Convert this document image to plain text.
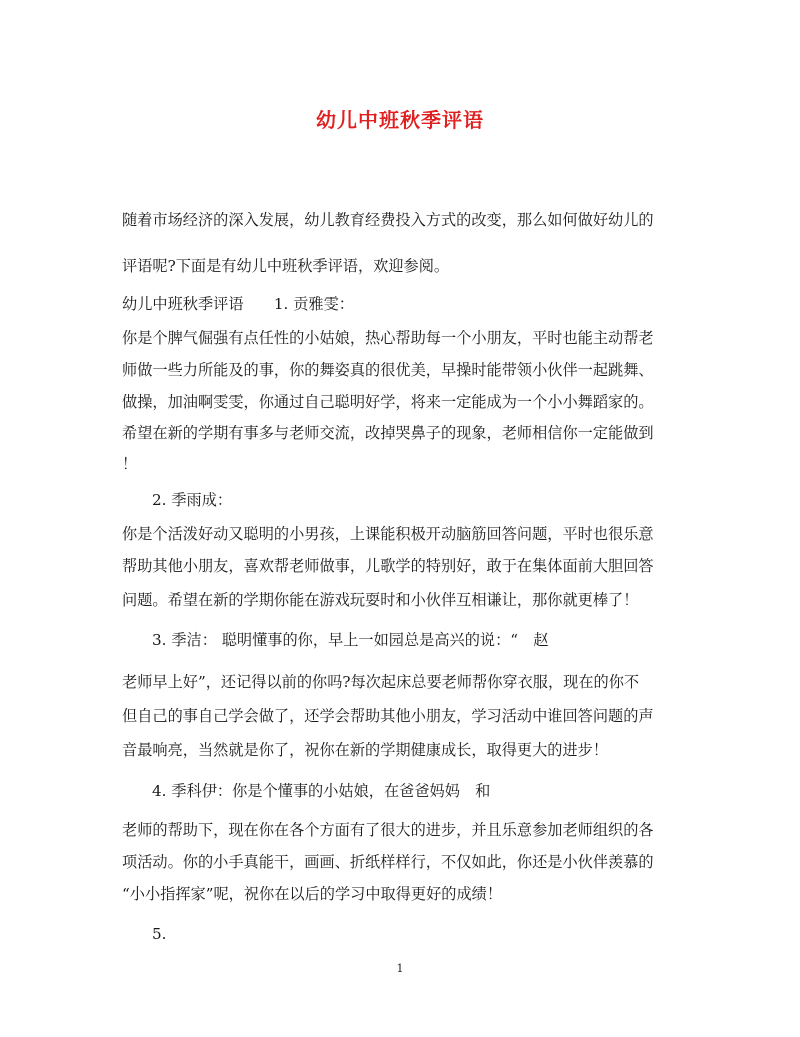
幼儿中班秋季评语
随着市场经济的深入发展，幼儿教育经费投入方式的改变，那么如何做好幼儿的
评语呢?下面是有幼儿中班秋季评语，欢迎参阅。
幼儿中班秋季评语　　1. 贡雅雯：
你是个脾气倔强有点任性的小姑娘，热心帮助每一个小朋友，平时也能主动帮老
师做一些力所能及的事，你的舞姿真的很优美，早操时能带领小伙伴一起跳舞、
做操，加油啊雯雯，你通过自己聪明好学，将来一定能成为一个小小舞蹈家的。
希望在新的学期有事多与老师交流，改掉哭鼻子的现象，老师相信你一定能做到
！
2. 季雨成：
你是个活泼好动又聪明的小男孩，上课能积极开动脑筋回答问题，平时也很乐意
帮助其他小朋友，喜欢帮老师做事，儿歌学的特别好，敢于在集体面前大胆回答
问题。希望在新的学期你能在游戏玩耍时和小伙伴互相谦让，那你就更棒了！
3. 季洁： 聪明懂事的你，早上一如园总是高兴的说：“　赵
老师早上好”，还记得以前的你吗?每次起床总要老师帮你穿衣服，现在的你不
但自己的事自己学会做了，还学会帮助其他小朋友，学习活动中谁回答问题的声
音最响亮，当然就是你了，祝你在新的学期健康成长，取得更大的进步！
4. 季科伊：你是个懂事的小姑娘，在爸爸妈妈　和
老师的帮助下，现在你在各个方面有了很大的进步，并且乐意参加老师组织的各
项活动。你的小手真能干，画画、折纸样样行，不仅如此，你还是小伙伴羡慕的
“小小指挥家”呢，祝你在以后的学习中取得更好的成绩！
5.
1
